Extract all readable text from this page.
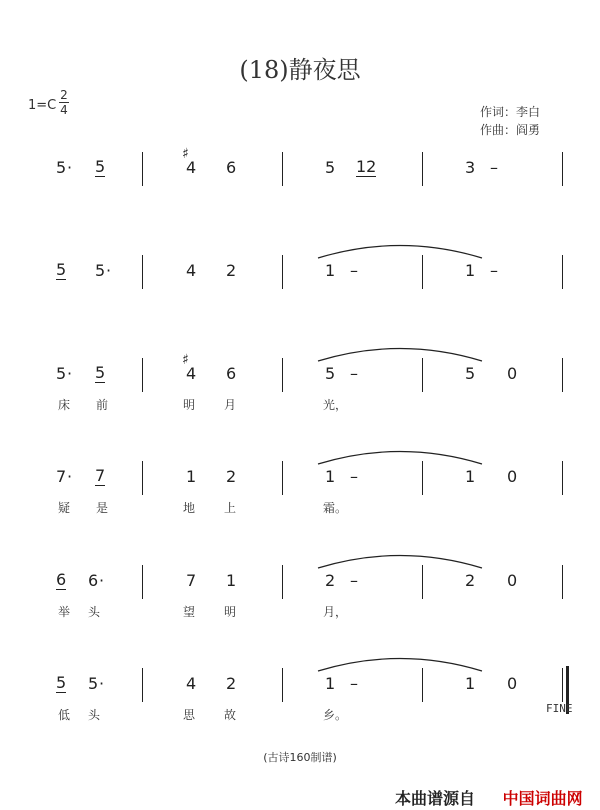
(18)静夜思
1=C
2
4	作词：李白
作曲：阎勇
5 · 5
♯
4 6	5 12	3 –
5 5 ·	4 2	1 –	1 –
5 · 5
♯
4 6	5 –	5 0
床 前	明 月	光，
7 · 7	1 2	1 –	1 0
疑 是	地 上	霜。
6 6 ·	7 1	2 –	2 0
举 头	望 明	月，
5 5 ·	4 2	1 –	1 0
低 头	思 故	乡。	FINE
(古诗160制谱)
本曲谱源自 中国词曲网
